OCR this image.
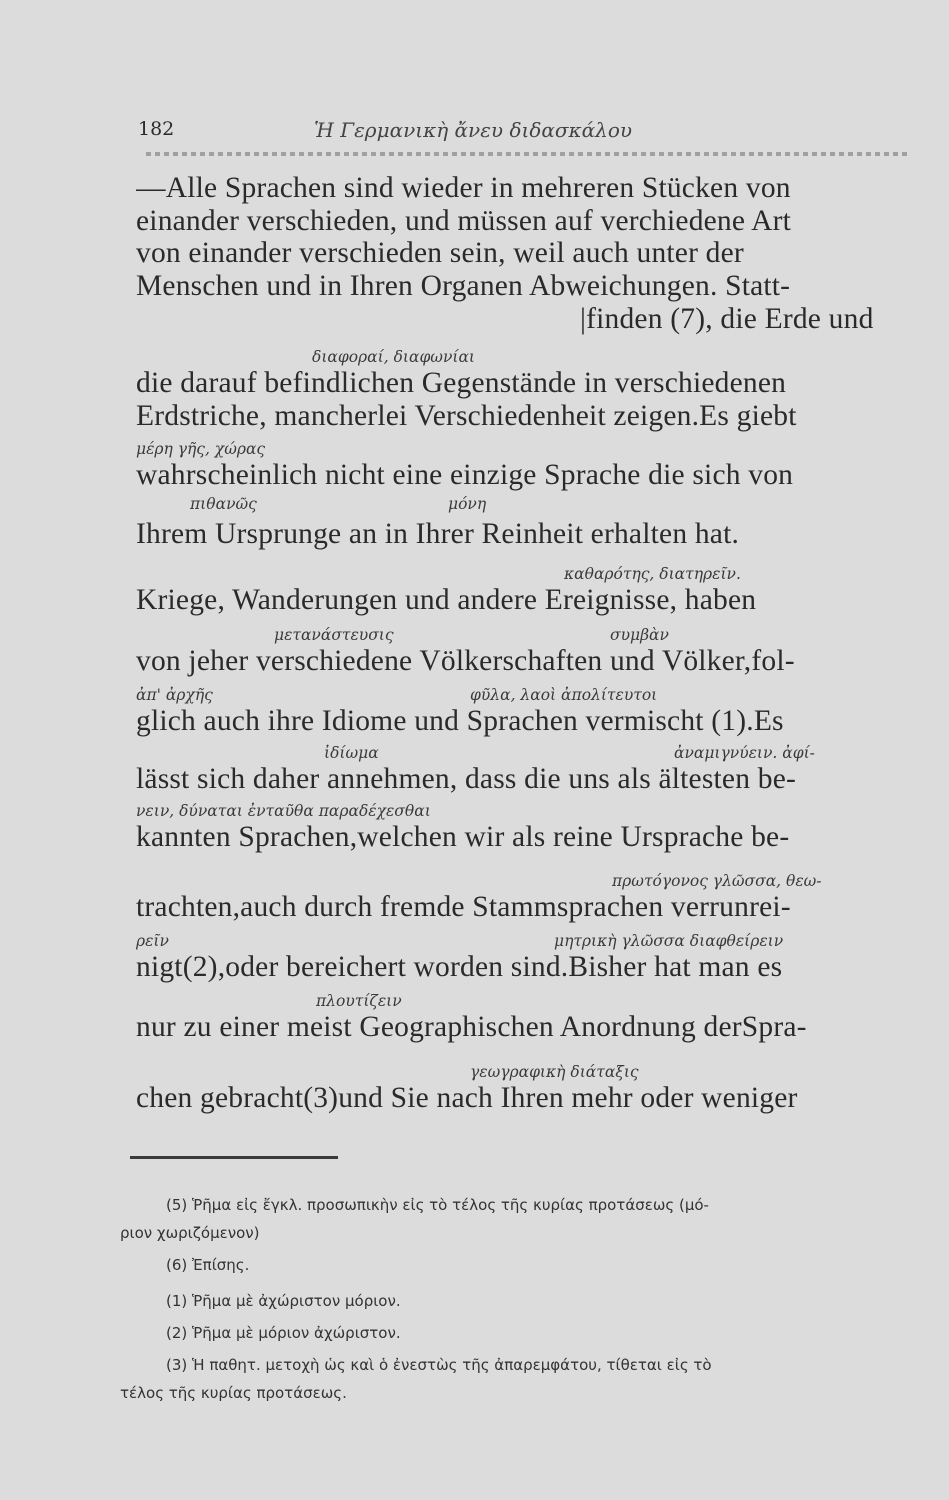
182	Ἡ Γερμανικὴ ἄνευ διδασκάλου
—Alle Sprachen sind wieder in mehreren Stücken von
einander verschieden, und müssen auf verchiedene Art
von einander verschieden sein, weil auch unter der
Menschen und in Ihren Organen Abweichungen. Statt-
|finden (7), die Erde und
διαφοραί, διαφωνίαι
die darauf befindlichen Gegenstände in verschiedenen
Erdstriche, mancherlei Verschiedenheit zeigen.Es giebt
μέρη γῆς, χώρας
wahrscheinlich nicht eine einzige Sprache die sich von
πιθανῶς	μόνη
Ihrem Ursprunge an in Ihrer Reinheit erhalten hat.
καθαρότης, διατηρεῖν.
Kriege, Wanderungen und andere Ereignisse, haben
μετανάστευσις	συμβὰν
von jeher verschiedene Völkerschaften und Völker,fol-
ἀπ' ἀρχῆς	φῦλα, λαοὶ ἀπολίτευτοι
glich auch ihre Idiome und Sprachen vermischt (1).Es
ἰδίωμα	ἀναμιγνύειν. ἀφί-
lässt sich daher annehmen, dass die uns als ältesten be-
νειν, δύναται ἐνταῦθα παραδέχεσθαι
kannten Sprachen,welchen wir als reine Ursprache be-
πρωτόγονος γλῶσσα, θεω-
trachten,auch durch fremde Stammsprachen verrunrei-
ρεῖν	μητρικὴ γλῶσσα διαφθείρειν
nigt(2),oder bereichert worden sind.Bisher hat man es
πλουτίζειν
nur zu einer meist Geographischen Anordnung derSpra-
γεωγραφικὴ διάταξις
chen gebracht(3)und Sie nach Ihren mehr oder weniger
(5) Ῥῆμα εἰς ἔγκλ. προσωπικὴν εἰς τὸ τέλος τῆς κυρίας προτάσεως (μό-
ριον χωριζόμενον)
(6) Ἐπίσης.
(1) Ῥῆμα μὲ ἀχώριστον μόριον.
(2) Ῥῆμα μὲ μόριον ἀχώριστον.
(3) Ἡ παθητ. μετοχὴ ὡς καὶ ὁ ἐνεστὼς τῆς ἀπαρεμφάτου, τίθεται εἰς τὸ
τέλος τῆς κυρίας προτάσεως.
